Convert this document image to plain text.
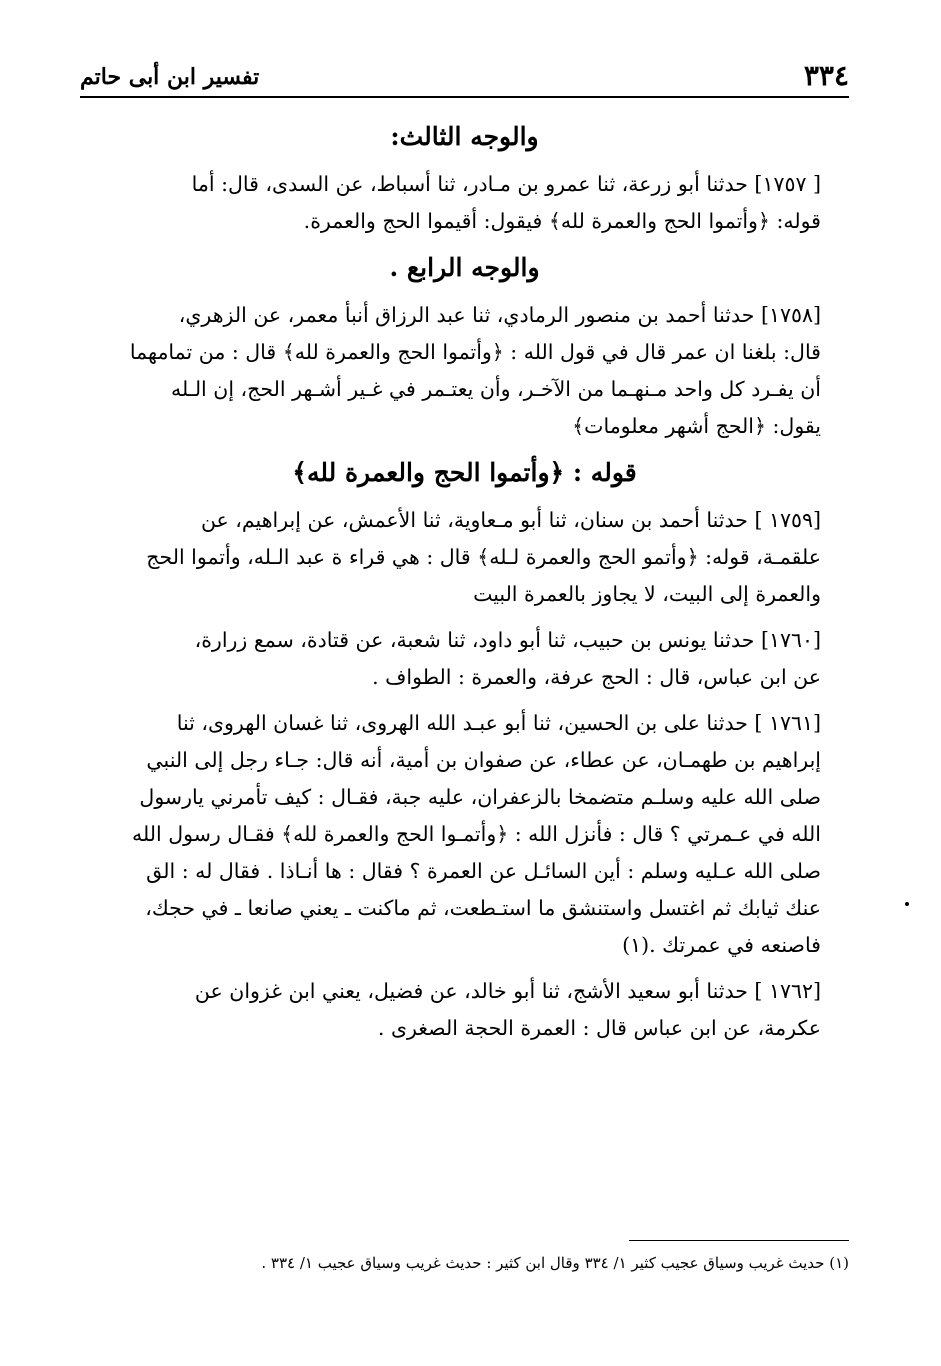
٣٣٤
تفسير ابن أبى حاتم
والوجه الثالث:
[ ١٧٥٧] حدثنا أبو زرعة، ثنا عمرو بن مـادر، ثنا أسباط، عن السدى، قال: أما
قوله: ﴿وأتموا الحج والعمرة لله﴾ فيقول: أقيموا الحج والعمرة.
والوجه الرابع .
[١٧٥٨] حدثنا أحمد بن منصور الرمادي، ثنا عبد الرزاق أنبأ معمر، عن الزهري،
قال: بلغنا ان عمر قال في قول الله : ﴿وأتموا الحج والعمرة لله﴾ قال : من تمامهما
أن يفـرد كل واحد مـنهـما من الآخـر، وأن يعتـمر في غـير أشـهر الحج، إن الـله
يقول: ﴿الحج أشهر معلومات﴾
قوله : ﴿وأتموا الحج والعمرة لله﴾
[١٧٥٩ ] حدثنا أحمد بن سنان، ثنا أبو مـعاوية، ثنا الأعمش، عن إبراهيم، عن
علقمـة، قوله: ﴿وأتمو الحج والعمرة لـله﴾ قال : هي قراء ة عبد الـله، وأتموا الحج
والعمرة إلى البيت، لا يجاوز بالعمرة البيت
[١٧٦٠] حدثنا يونس بن حبيب، ثنا أبو داود، ثنا شعبة، عن قتادة، سمع زرارة،
عن ابن عباس، قال : الحج عرفة، والعمرة : الطواف .
[١٧٦١ ] حدثنا على بن الحسين، ثنا أبو عبـد الله الهروى، ثنا غسان الهروى، ثنا
إبراهيم بن طهمـان، عن عطاء، عن صفوان بن أمية، أنه قال: جـاء رجل إلى النبي
صلى الله عليه وسلـم متضمخا بالزعفران، عليه جبة، فقـال : كيف تأمرني يارسول
الله في عـمرتي ؟ قال : فأنزل الله : ﴿وأتمـوا الحج والعمرة لله﴾ فقـال رسول الله
صلى الله عـليه وسلم : أين السائـل عن العمرة ؟ فقال : ها أنـاذا . فقال له : الق
عنك ثيابك ثم اغتسل واستنشق ما استـطعت، ثم ماكنت ـ يعني صانعا ـ في حجك،
فاصنعه في عمرتك .(١)
[١٧٦٢ ] حدثنا أبو سعيد الأشج، ثنا أبو خالد، عن فضيل، يعني ابن غزوان عن
عكرمة، عن ابن عباس قال : العمرة الحجة الصغرى .
(١) حديث غريب وسياق عجيب كثير ١/ ٣٣٤ وقال ابن كثير : حديث غريب وسياق عجيب ١/ ٣٣٤ .
